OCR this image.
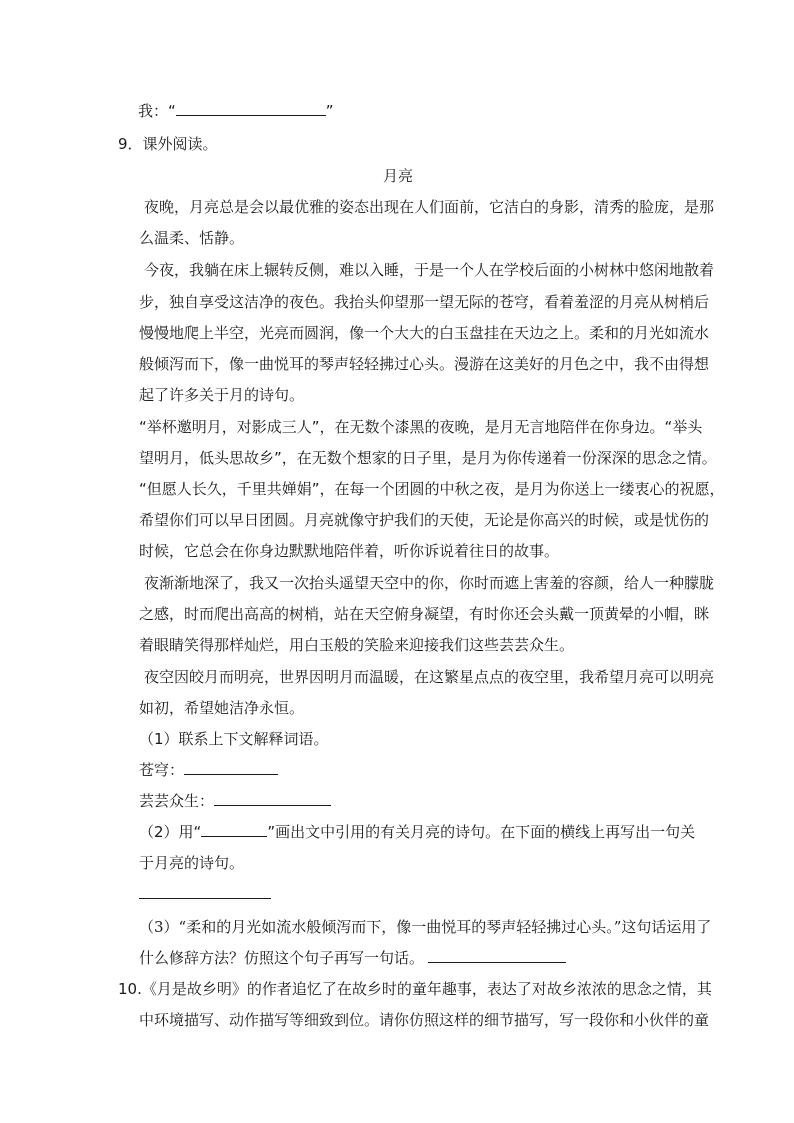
我：“	”
9．课外阅读。
月亮
夜晚，月亮总是会以最优雅的姿态出现在人们面前，它洁白的身影，清秀的脸庞，是那
么温柔、恬静。
今夜，我躺在床上辗转反侧，难以入睡，于是一个人在学校后面的小树林中悠闲地散着
步，独自享受这洁净的夜色。我抬头仰望那一望无际的苍穹，看着羞涩的月亮从树梢后
慢慢地爬上半空，光亮而圆润，像一个大大的白玉盘挂在天边之上。柔和的月光如流水
般倾泻而下，像一曲悦耳的琴声轻轻拂过心头。漫游在这美好的月色之中，我不由得想
起了许多关于月的诗句。
“举杯邀明月，对影成三人”，在无数个漆黑的夜晚，是月无言地陪伴在你身边。“举头
望明月，低头思故乡”，在无数个想家的日子里，是月为你传递着一份深深的思念之情。
“但愿人长久，千里共婵娟”，在每一个团圆的中秋之夜，是月为你送上一缕衷心的祝愿，
希望你们可以早日团圆。月亮就像守护我们的天使，无论是你高兴的时候，或是忧伤的
时候，它总会在你身边默默地陪伴着，听你诉说着往日的故事。
夜渐渐地深了，我又一次抬头遥望天空中的你，你时而遮上害羞的容颜，给人一种朦胧
之感，时而爬出高高的树梢，站在天空俯身凝望，有时你还会头戴一顶黄晕的小帽，眯
着眼睛笑得那样灿烂，用白玉般的笑脸来迎接我们这些芸芸众生。
夜空因皎月而明亮，世界因明月而温暖，在这繁星点点的夜空里，我希望月亮可以明亮
如初，希望她洁净永恒。
（1）联系上下文解释词语。
苍穹：
芸芸众生：
（2）用“	”画出文中引用的有关月亮的诗句。在下面的横线上再写出一句关
于月亮的诗句。
（3）“柔和的月光如流水般倾泻而下，像一曲悦耳的琴声轻轻拂过心头。”这句话运用了
什么修辞方法？仿照这个句子再写一句话。
10.《月是故乡明》的作者追忆了在故乡时的童年趣事，表达了对故乡浓浓的思念之情，其
中环境描写、动作描写等细致到位。请你仿照这样的细节描写，写一段你和小伙伴的童
